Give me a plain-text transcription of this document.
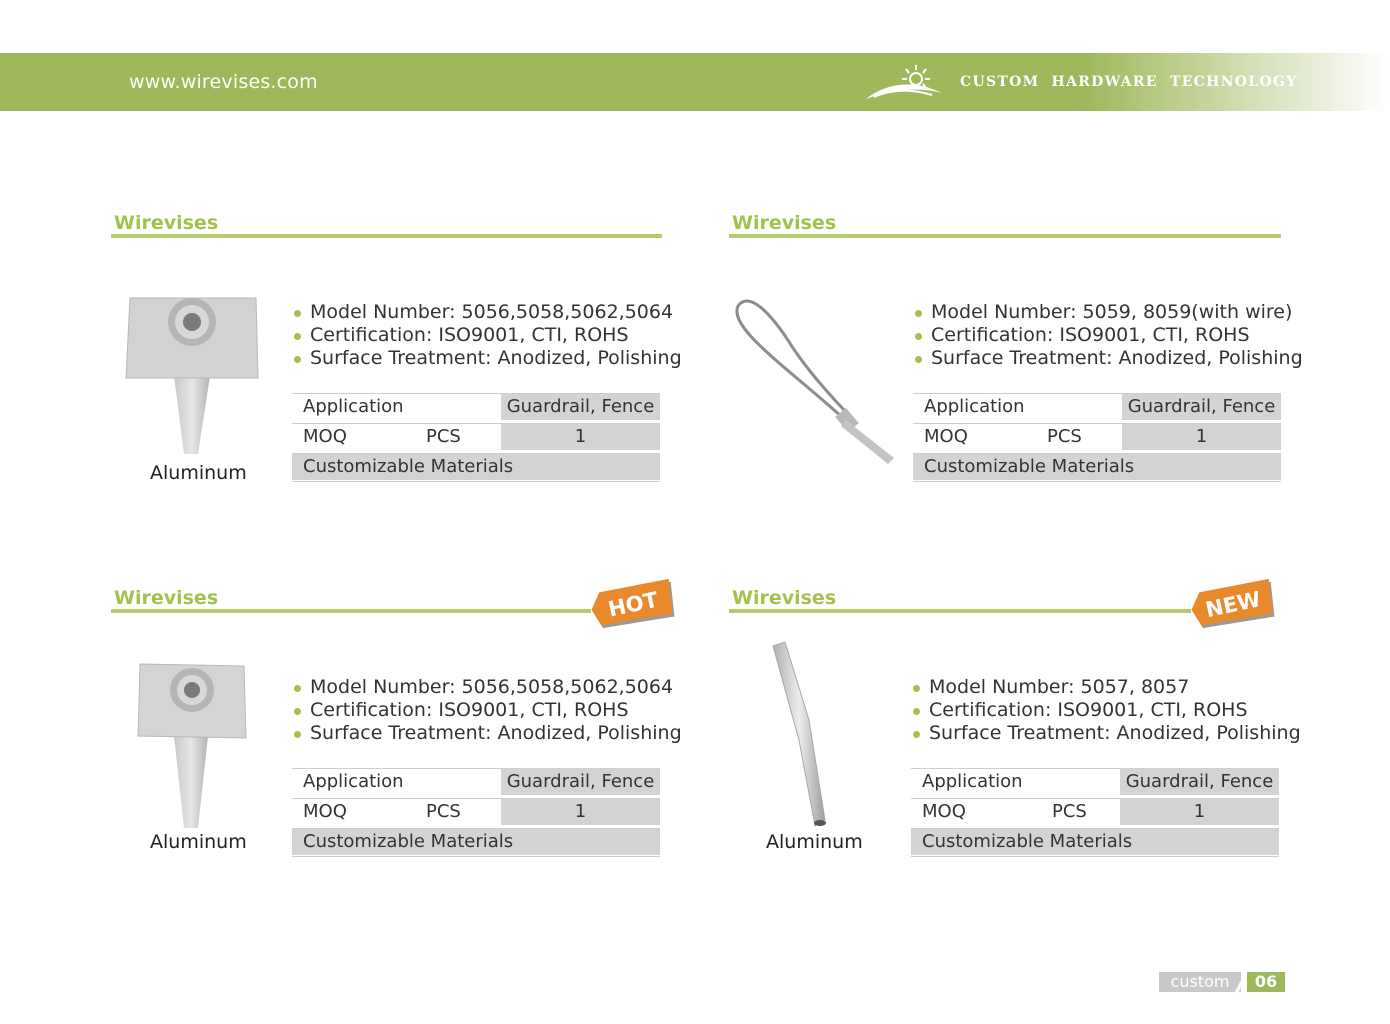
www.wirevises.com	CUSTOM HARDWARE TECHNOLOGY
Wirevises
Aluminum
Model Number: 5056,5058,5062,5064
Certification: ISO9001, CTI, ROHS
Surface Treatment: Anodized, Polishing
Application	Guardrail, Fence
MOQ	PCS	1
Customizable Materials
Wirevises
Model Number: 5059, 8059(with wire)
Certification: ISO9001, CTI, ROHS
Surface Treatment: Anodized, Polishing
Application	Guardrail, Fence
MOQ	PCS	1
Customizable Materials
Wirevises	HOT
Aluminum
Model Number: 5056,5058,5062,5064
Certification: ISO9001, CTI, ROHS
Surface Treatment: Anodized, Polishing
Application	Guardrail, Fence
MOQ	PCS	1
Customizable Materials
Wirevises	NEW
Aluminum
Model Number: 5057, 8057
Certification: ISO9001, CTI, ROHS
Surface Treatment: Anodized, Polishing
Application	Guardrail, Fence
MOQ	PCS	1
Customizable Materials
custom	06
